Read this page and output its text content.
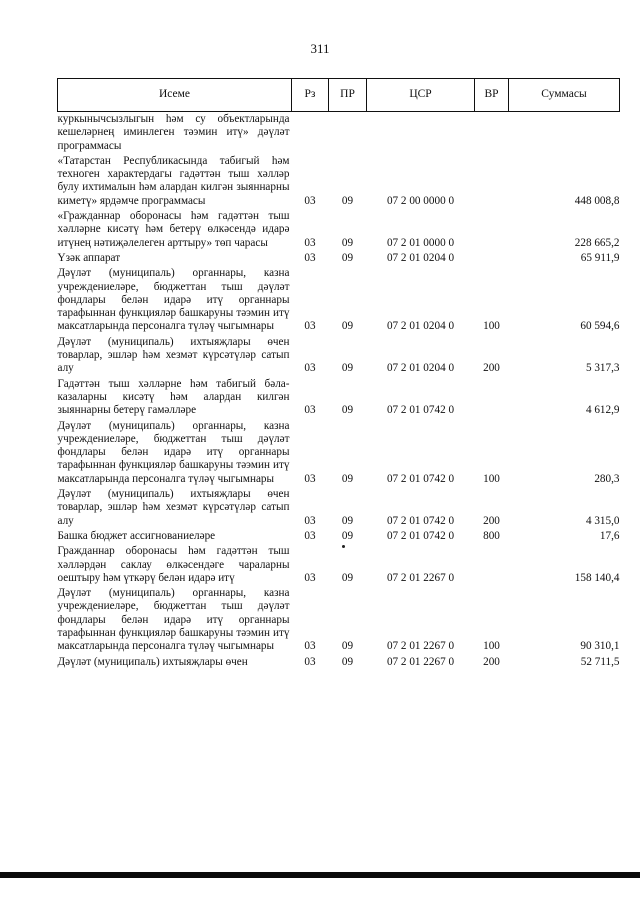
311
Исеме	Рз	ПР	ЦСР	ВР	Суммасы
куркынычсызлыгын һәм су объектларында кешеләрнең иминлеген тәэмин итү» дәүләт программасы					
«Татарстан Республикасында табигый һәм техноген характердагы гадәттән тыш хәлләр булу ихтималын һәм алардан килгән зыяннарны киметү» ярдәмче программасы	03	09	07 2 00 0000 0		448 008,8
«Гражданнар оборонасы һәм гадәттән тыш хәлләрне кисәтү һәм бетерү өлкәсендә идарә итүнең нәтиҗәлелеген арттыру» төп чарасы	03	09	07 2 01 0000 0		228 665,2
Үзәк аппарат	03	09	07 2 01 0204 0		65 911,9
Дәүләт (муниципаль) органнары, казна учреждениеләре, бюджеттан тыш дәүләт фондлары белән идарә итү органнары тарафыннан функцияләр башкаруны тәэмин итү максатларында персоналга түләү чыгымнары	03	09	07 2 01 0204 0	100	60 594,6
Дәүләт (муниципаль) ихтыяҗлары өчен товарлар, эшләр һәм хезмәт күрсәтүләр сатып алу	03	09	07 2 01 0204 0	200	5 317,3
Гадәттән тыш хәлләрне һәм табигый бәла-казаларны кисәтү һәм алардан килгән зыяннарны бетерү гамәлләре	03	09	07 2 01 0742 0		4 612,9
Дәүләт (муниципаль) органнары, казна учреждениеләре, бюджеттан тыш дәүләт фондлары белән идарә итү органнары тарафыннан функцияләр башкаруны тәэмин итү максатларында персоналга түләү чыгымнары	03	09	07 2 01 0742 0	100	280,3
Дәүләт (муниципаль) ихтыяҗлары өчен товарлар, эшләр һәм хезмәт күрсәтүләр сатып алу	03	09	07 2 01 0742 0	200	4 315,0
Башка бюджет ассигнованиеләре	03	09	07 2 01 0742 0	800	17,6
Гражданнар оборонасы һәм гадәттән тыш хәлләрдән саклау өлкәсендәге чараларны оештыру һәм үткәрү белән идарә итү	03	09	07 2 01 2267 0		158 140,4
Дәүләт (муниципаль) органнары, казна учреждениеләре, бюджеттан тыш дәүләт фондлары белән идарә итү органнары тарафыннан функцияләр башкаруны тәэмин итү максатларында персоналга түләү чыгымнары	03	09	07 2 01 2267 0	100	90 310,1
Дәүләт (муниципаль) ихтыяҗлары өчен	03	09	07 2 01 2267 0	200	52 711,5
